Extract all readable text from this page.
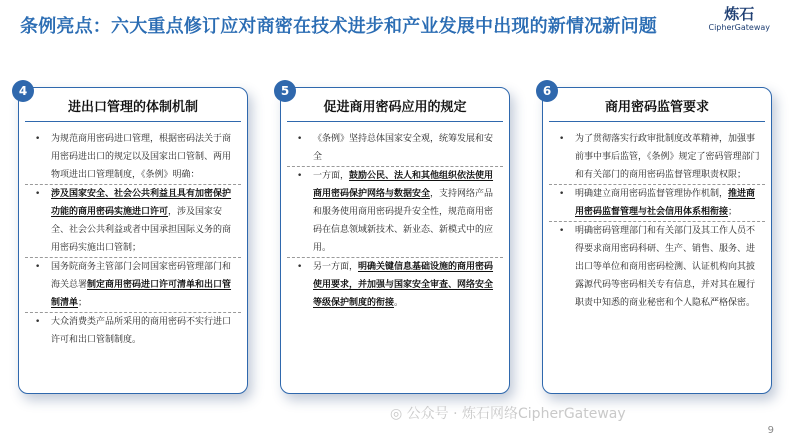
条例亮点：六大重点修订应对商密在技术进步和产业发展中出现的新情况新问题
炼石
CipherGateway
4
进出口管理的体制机制
• 为规范商用密码进口管理，根据密码法关于商用密码进出口的规定以及国家出口管制、两用物项进出口管理制度，《条例》明确：
• 涉及国家安全、社会公共利益且具有加密保护功能的商用密码实施进口许可，涉及国家安全、社会公共利益或者中国承担国际义务的商用密码实施出口管制；
• 国务院商务主管部门会同国家密码管理部门和海关总署制定商用密码进口许可清单和出口管制清单；
• 大众消费类产品所采用的商用密码不实行进口许可和出口管制制度。
5
促进商用密码应用的规定
• 《条例》坚持总体国家安全观，统筹发展和安全
• 一方面，鼓励公民、法人和其他组织依法使用商用密码保护网络与数据安全，支持网络产品和服务使用商用密码提升安全性，规范商用密码在信息领域新技术、新业态、新模式中的应用。
• 另一方面，明确关键信息基础设施的商用密码使用要求，并加强与国家安全审查、网络安全等级保护制度的衔接。
6
商用密码监管要求
• 为了贯彻落实行政审批制度改革精神，加强事前事中事后监管，《条例》规定了密码管理部门和有关部门的商用密码监督管理职责权限；
• 明确建立商用密码监督管理协作机制，推进商用密码监督管理与社会信用体系相衔接；
• 明确密码管理部门和有关部门及其工作人员不得要求商用密码科研、生产、销售、服务、进出口等单位和商用密码检测、认证机构向其披露源代码等密码相关专有信息，并对其在履行职责中知悉的商业秘密和个人隐私严格保密。
◎ 公众号 · 炼石网络CipherGateway
9
